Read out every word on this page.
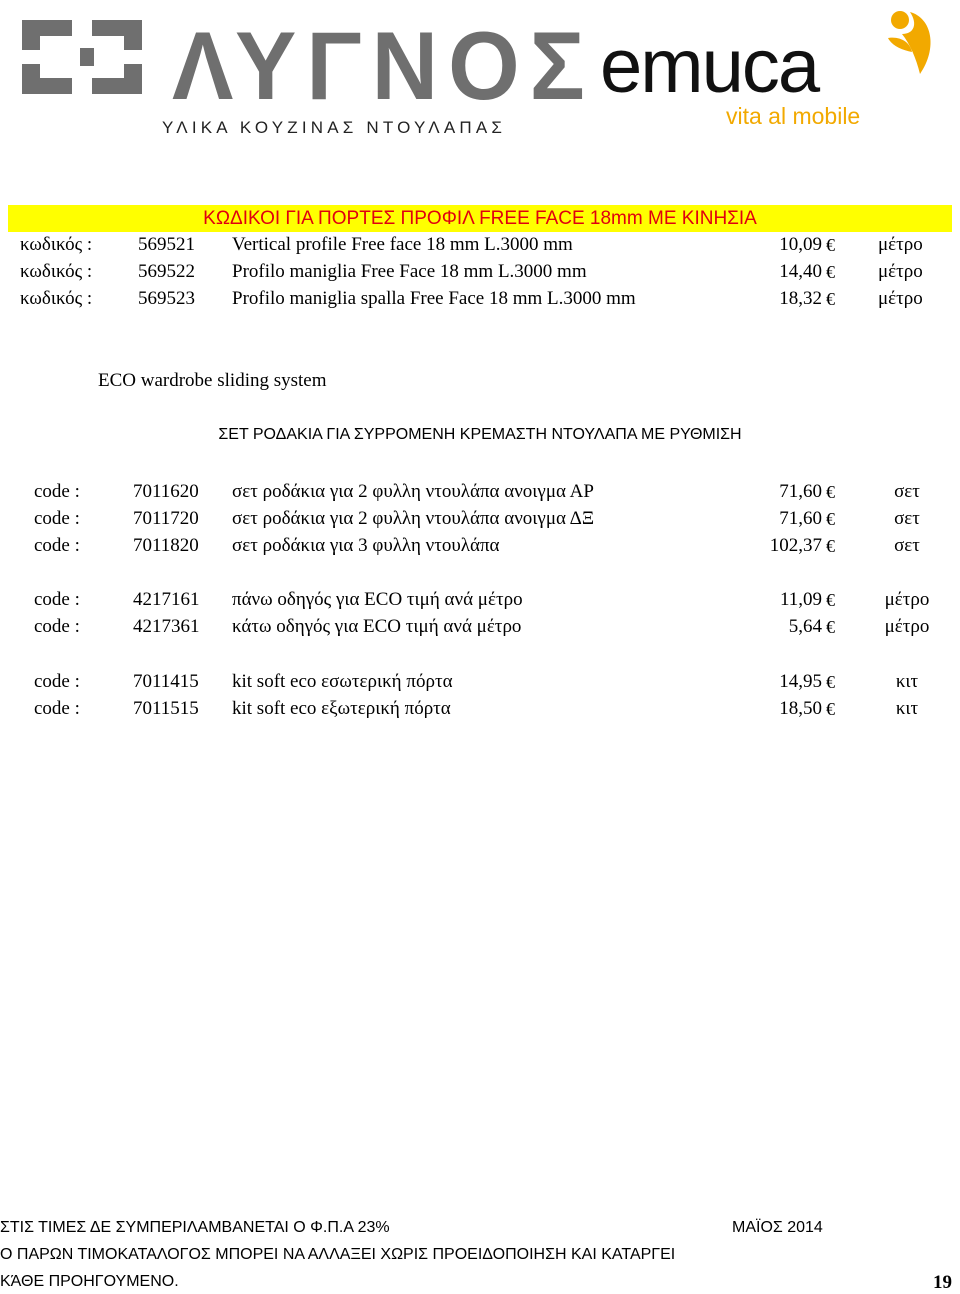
ΛΥΓΝΟΣ
ΥΛΙΚΑ ΚΟΥΖΙΝΑΣ ΝΤΟΥΛΑΠΑΣ
emuca
vita al mobile
ΚΩΔΙΚΟΙ ΓΙΑ ΠΟΡΤΕΣ ΠΡΟΦΙΛ FREE FACE 18mm ΜΕ ΚΙΝΗΣΙΑ
κωδικός : 569521 Vertical profile Free face 18 mm L.3000 mm	10,09 € μέτρο
κωδικός : 569522 Profilo maniglia Free Face 18 mm L.3000 mm	14,40 € μέτρο
κωδικός : 569523 Profilo maniglia spalla Free Face 18 mm L.3000 mm	18,32 € μέτρο
ECO wardrobe sliding system
ΣΕΤ ΡΟΔΑΚΙΑ ΓΙΑ ΣΥΡΡΟΜΕΝΗ ΚΡΕΜΑΣΤΗ ΝΤΟΥΛΑΠΑ ΜΕ ΡΥΘΜΙΣΗ
code :	7011620 σετ ροδάκια για 2 φυλλη ντουλάπα ανοιγμα ΑΡ	71,60 €	σετ
code :	7011720 σετ ροδάκια για 2 φυλλη ντουλάπα ανοιγμα ΔΞ	71,60 €	σετ
code :	7011820 σετ ροδάκια για 3 φυλλη ντουλάπα	102,37 €	σετ
code :	4217161 πάνω οδηγός για ECO τιμή ανά μέτρο	11,09 €	μέτρο
code :	4217361 κάτω οδηγός για ECO τιμή ανά μέτρο	5,64 €	μέτρο
code :	7011415 kit soft eco εσωτερική πόρτα	14,95 €	κιτ
code :	7011515 kit soft eco εξωτερική πόρτα	18,50 €	κιτ
ΣΤΙΣ ΤΙΜΕΣ ΔΕ ΣΥΜΠΕΡΙΛΑΜΒΑΝΕΤΑΙ Ο Φ.Π.Α 23%	ΜΑΪΟΣ 2014
Ο ΠΑΡΩΝ ΤΙΜΟΚΑΤΑΛΟΓΟΣ ΜΠΟΡΕΙ ΝΑ ΑΛΛΑΞΕΙ ΧΩΡΙΣ ΠΡΟΕΙΔΟΠΟΙΗΣΗ ΚΑΙ ΚΑΤΑΡΓΕΙ
ΚΆΘΕ ΠΡΟΗΓΟΥΜΕΝΟ.	19
